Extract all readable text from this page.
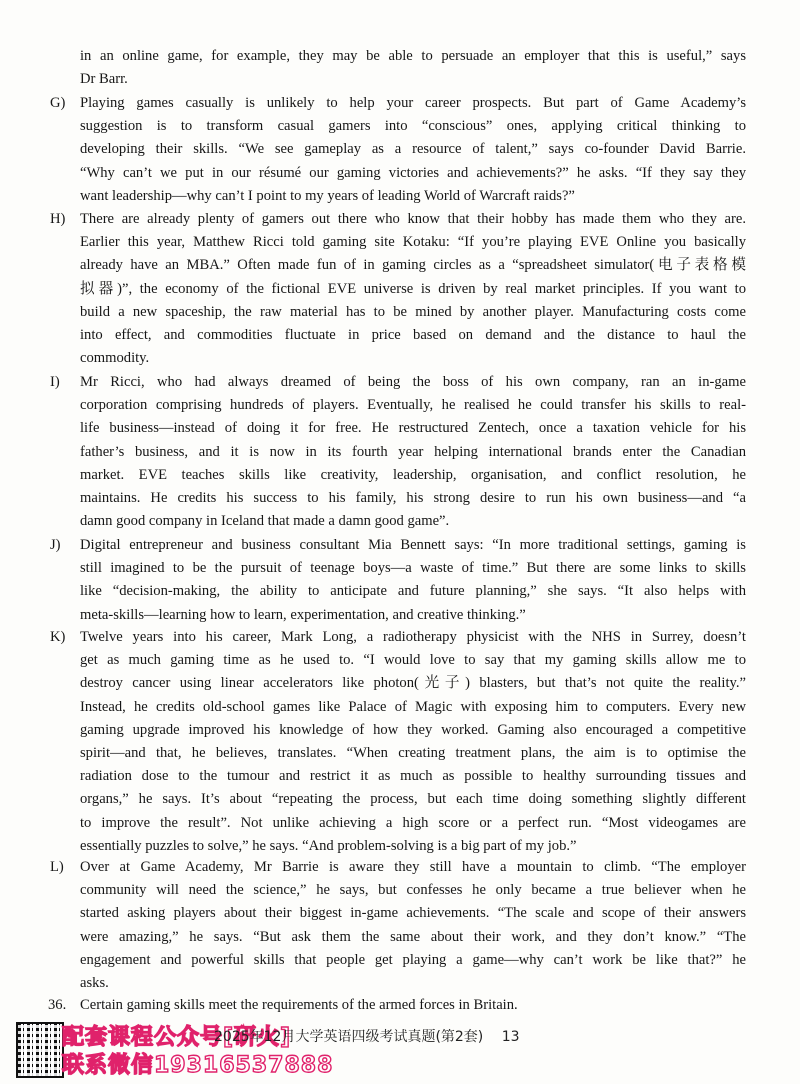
in an online game, for example, they may be able to persuade an employer that this is useful,” says
Dr Barr.
G) Playing games casually is unlikely to help your career prospects. But part of Game Academy’s
suggestion is to transform casual gamers into “conscious” ones, applying critical thinking to
developing their skills. “We see gameplay as a resource of talent,” says co-founder David Barrie.
“Why can’t we put in our résumé our gaming victories and achievements?” he asks. “If they say they
want leadership—why can’t I point to my years of leading World of Warcraft raids?”
H) There are already plenty of gamers out there who know that their hobby has made them who they are.
Earlier this year, Matthew Ricci told gaming site Kotaku: “If you’re playing EVE Online you basically
already have an MBA.” Often made fun of in gaming circles as a “spreadsheet simulator(电子表格模
拟器)”, the economy of the fictional EVE universe is driven by real market principles. If you want to
build a new spaceship, the raw material has to be mined by another player. Manufacturing costs come
into effect, and commodities fluctuate in price based on demand and the distance to haul the
commodity.
I) Mr Ricci, who had always dreamed of being the boss of his own company, ran an in-game
corporation comprising hundreds of players. Eventually, he realised he could transfer his skills to real-
life business—instead of doing it for free. He restructured Zentech, once a taxation vehicle for his
father’s business, and it is now in its fourth year helping international brands enter the Canadian
market. EVE teaches skills like creativity, leadership, organisation, and conflict resolution, he
maintains. He credits his success to his family, his strong desire to run his own business—and “a
damn good company in Iceland that made a damn good game”.
J) Digital entrepreneur and business consultant Mia Bennett says: “In more traditional settings, gaming is
still imagined to be the pursuit of teenage boys—a waste of time.” But there are some links to skills
like “decision-making, the ability to anticipate and future planning,” she says. “It also helps with
meta-skills—learning how to learn, experimentation, and creative thinking.”
K) Twelve years into his career, Mark Long, a radiotherapy physicist with the NHS in Surrey, doesn’t
get as much gaming time as he used to. “I would love to say that my gaming skills allow me to
destroy cancer using linear accelerators like photon(光子) blasters, but that’s not quite the reality.”
Instead, he credits old-school games like Palace of Magic with exposing him to computers. Every new
gaming upgrade improved his knowledge of how they worked. Gaming also encouraged a competitive
spirit—and that, he believes, translates. “When creating treatment plans, the aim is to optimise the
radiation dose to the tumour and restrict it as much as possible to healthy surrounding tissues and
organs,” he says. It’s about “repeating the process, but each time doing something slightly different
to improve the result”. Not unlike achieving a high score or a perfect run. “Most videogames are
essentially puzzles to solve,” he says. “And problem-solving is a big part of my job.”
L) Over at Game Academy, Mr Barrie is aware they still have a mountain to climb. “The employer
community will need the science,” he says, but confesses he only became a true believer when he
started asking players about their biggest in-game achievements. “The scale and scope of their answers
were amazing,” he says. “But ask them the same about their work, and they don’t know.” “The
engagement and powerful skills that people get playing a game—why can’t work be like that?” he
asks.
36. Certain gaming skills meet the requirements of the armed forces in Britain.
配套课程公众号[研火]
联系微信19316537888
2025年12月大学英语四级考试真题(第2套) 13
